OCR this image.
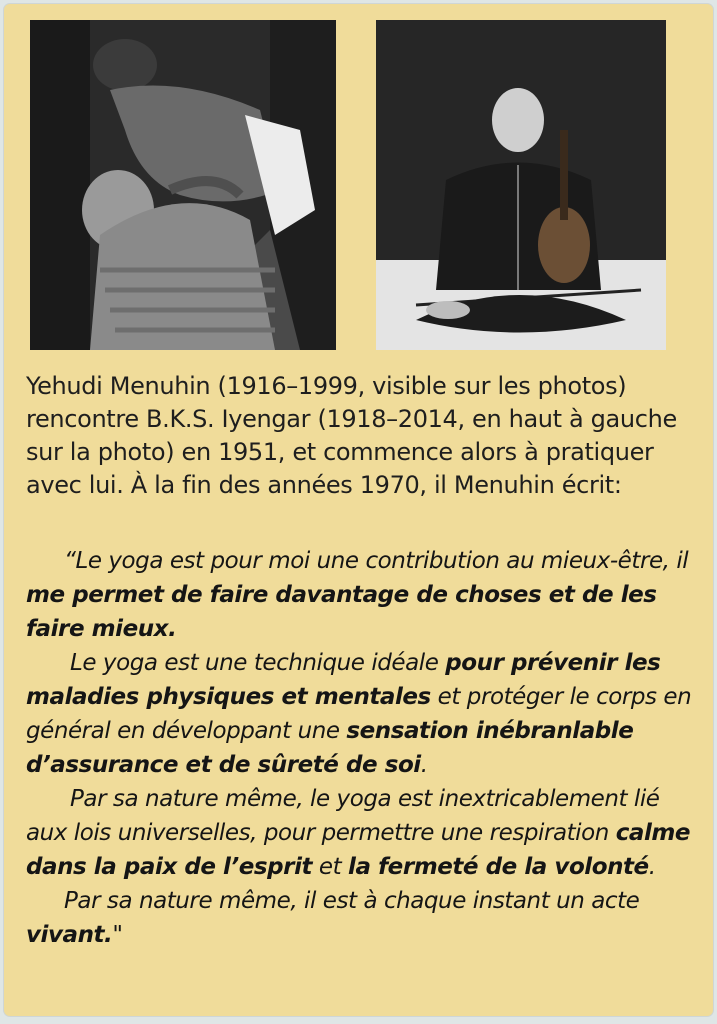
Yehudi Menuhin (1916–1999, visible sur les photos) rencontre B.K.S. Iyengar (1918–2014, en haut à gauche sur la photo) en 1951, et commence alors à pratiquer avec lui. À la fin des années 1970, il Menuhin écrit:

“Le yoga est pour moi une contribution au mieux-être, il me permet de faire davantage de choses et de les faire mieux.

Le yoga est une technique idéale pour prévenir les maladies physiques et mentales et protéger le corps en général en développant une sensation inébranlable d’assurance et de sûreté de soi.

Par sa nature même, le yoga est inextricablement lié aux lois universelles, pour permettre une respiration calme dans la paix de l’esprit et la fermeté de la volonté.

Par sa nature même, il est à chaque instant un acte vivant."
